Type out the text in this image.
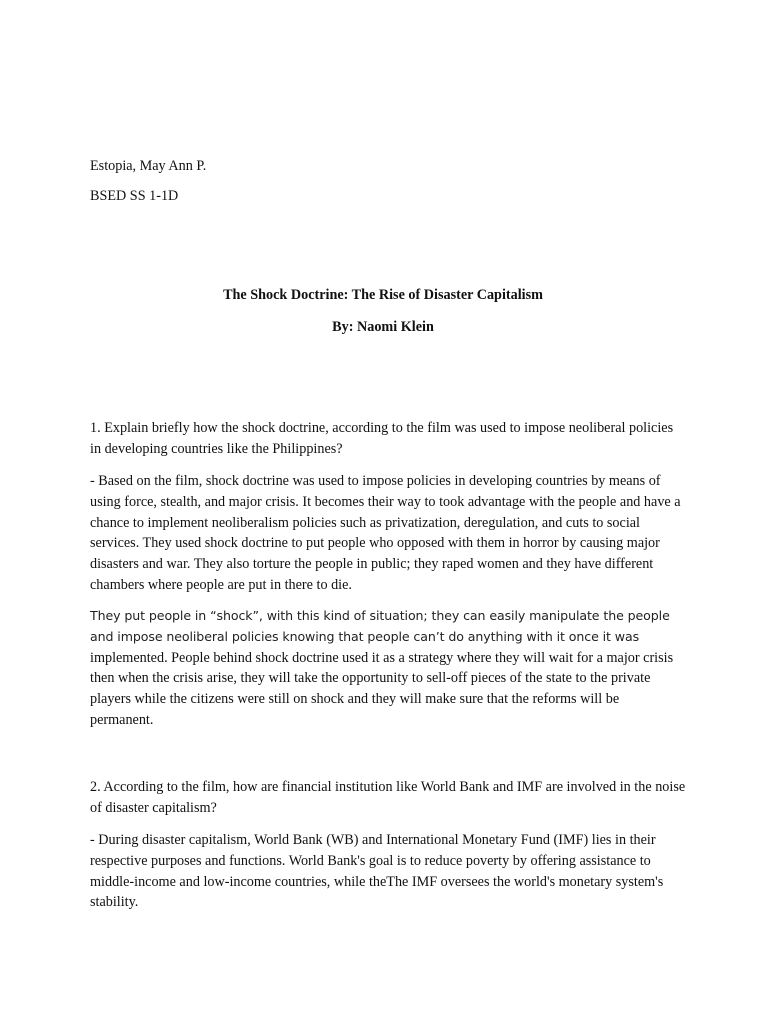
Estopia, May Ann P.

BSED SS 1-1D

The Shock Doctrine: The Rise of Disaster Capitalism

By: Naomi Klein

1. Explain briefly how the shock doctrine, according to the film was used to impose neoliberal policies in developing countries like the Philippines?

- Based on the film, shock doctrine was used to impose policies in developing countries by means of using force, stealth, and major crisis. It becomes their way to took advantage with the people and have a chance to implement neoliberalism policies such as privatization, deregulation, and cuts to social services. They used shock doctrine to put people who opposed with them in horror by causing major disasters and war. They also torture the people in public; they raped women and they have different chambers where people are put in there to die.

They put people in “shock”, with this kind of situation; they can easily manipulate the people and impose neoliberal policies knowing that people can’t do anything with it once it was implemented. People behind shock doctrine used it as a strategy where they will wait for a major crisis then when the crisis arise, they will take the opportunity to sell-off pieces of the state to the private players while the citizens were still on shock and they will make sure that the reforms will be permanent.

2. According to the film, how are financial institution like World Bank and IMF are involved in the noise of disaster capitalism?

- During disaster capitalism, World Bank (WB) and International Monetary Fund (IMF) lies in their respective purposes and functions. World Bank's goal is to reduce poverty by offering assistance to middle-income and low-income countries, while theThe IMF oversees the world's monetary system's stability.
